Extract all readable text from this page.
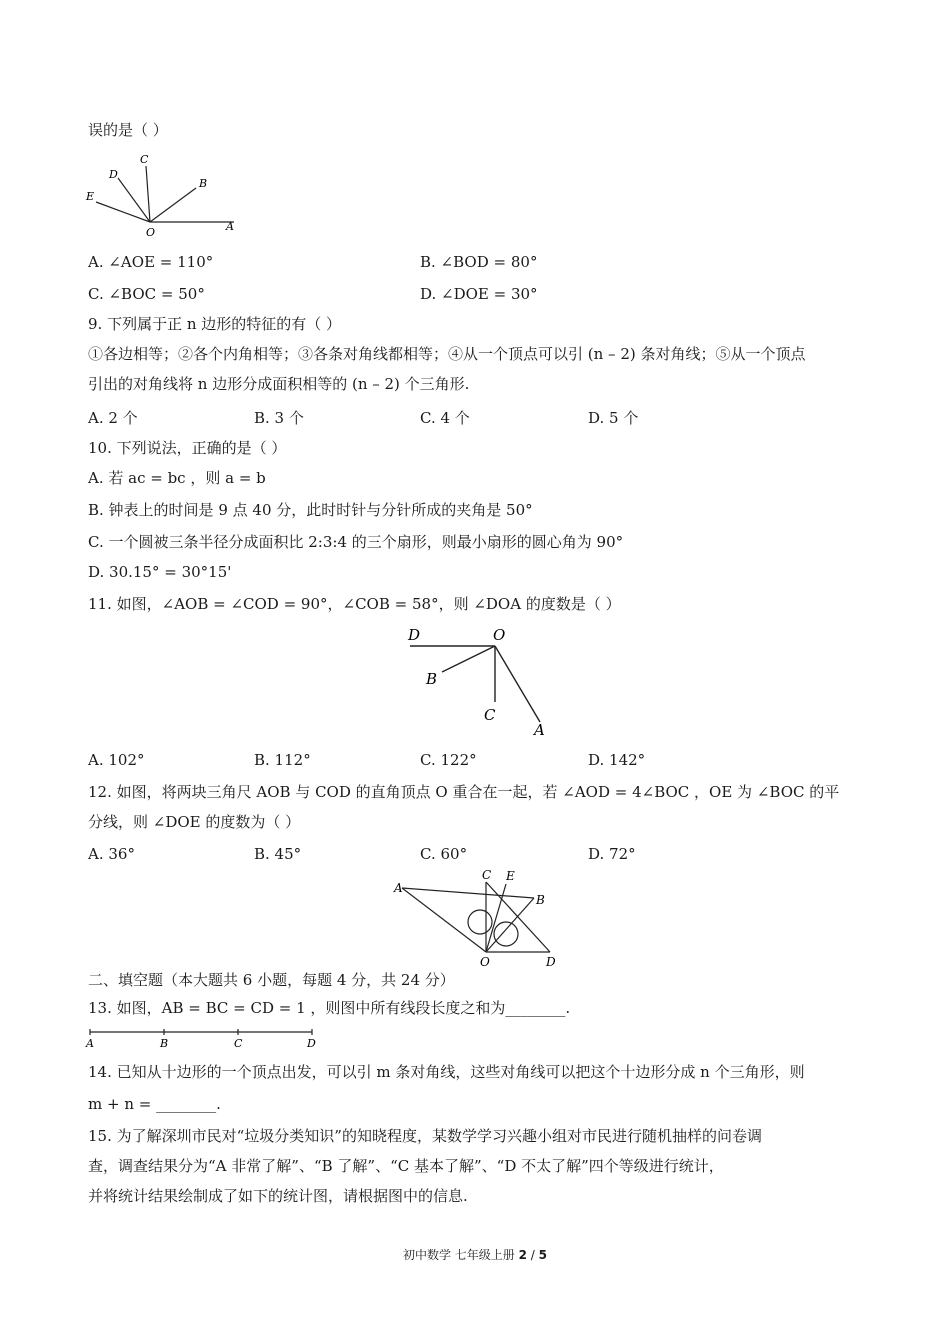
误的是（ ）
C
D
B
E
O	A
A. ∠AOE = 110°	B. ∠BOD = 80°
C. ∠BOC = 50°	D. ∠DOE = 30°
9. 下列属于正 n 边形的特征的有（ ）
①各边相等；②各个内角相等；③各条对角线都相等；④从一个顶点可以引 (n – 2) 条对角线；⑤从一个顶点
引出的对角线将 n 边形分成面积相等的 (n – 2) 个三角形.
A. 2 个	B. 3 个	C. 4 个	D. 5 个
10. 下列说法，正确的是（ ）
A. 若 ac = bc ，则 a = b
B. 钟表上的时间是 9 点 40 分，此时时针与分针所成的夹角是 50°
C. 一个圆被三条半径分成面积比 2:3:4 的三个扇形，则最小扇形的圆心角为 90°
D. 30.15° = 30°15'
11. 如图，∠AOB = ∠COD = 90°，∠COB = 58°，则 ∠DOA 的度数是（ ）
D	O
B
C
A
A. 102°	B. 112°	C. 122°	D. 142°
12. 如图，将两块三角尺 AOB 与 COD 的直角顶点 O 重合在一起，若 ∠AOD = 4∠BOC ，OE 为 ∠BOC 的平
分线，则 ∠DOE 的度数为（ ）
A. 36°	B. 45°	C. 60°	D. 72°
A
C E
B
O	D
二、填空题（本大题共 6 小题，每题 4 分，共 24 分）
13. 如图，AB = BC = CD = 1 ，则图中所有线段长度之和为________.
A	B	C	D
14. 已知从十边形的一个顶点出发，可以引 m 条对角线，这些对角线可以把这个十边形分成 n 个三角形，则
m + n = ________.
15. 为了解深圳市民对“垃圾分类知识”的知晓程度，某数学学习兴趣小组对市民进行随机抽样的问卷调
查，调查结果分为“A 非常了解”、“B 了解”、“C 基本了解”、“D 不太了解”四个等级进行统计，
并将统计结果绘制成了如下的统计图，请根据图中的信息.
初中数学 七年级上册 2 / 5
